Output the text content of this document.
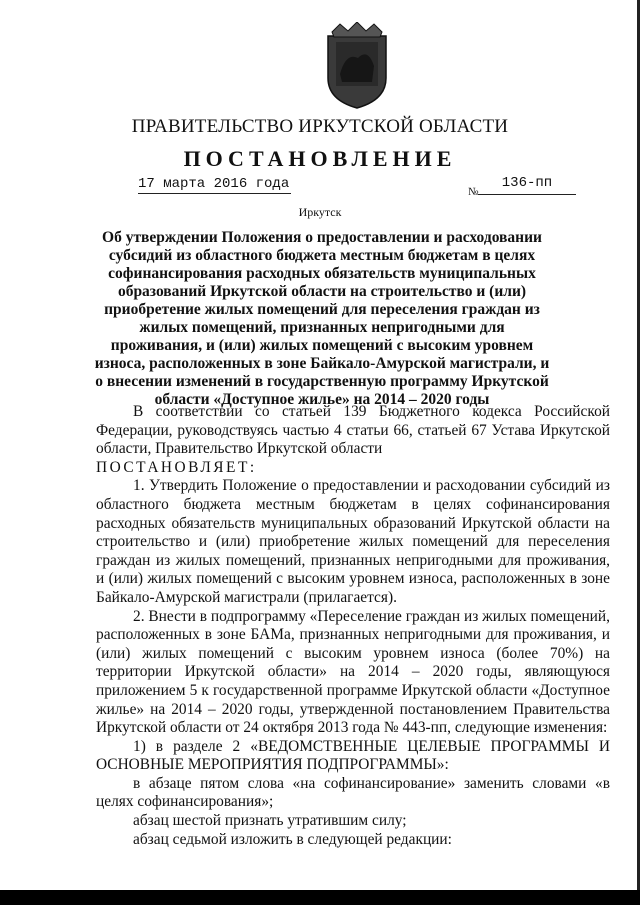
ПРАВИТЕЛЬСТВО ИРКУТСКОЙ ОБЛАСТИ
ПОСТАНОВЛЕНИЕ
17 марта 2016 года	№
136-пп
Иркутск
Об утверждении Положения о предоставлении и расходовании субсидий из областного бюджета местным бюджетам в целях софинансирования расходных обязательств муниципальных образований Иркутской области на строительство и (или) приобретение жилых помещений для переселения граждан из жилых помещений, признанных непригодными для проживания, и (или) жилых помещений с высоким уровнем износа, расположенных в зоне Байкало-Амурской магистрали, и о внесении изменений в государственную программу Иркутской области «Доступное жилье» на 2014 – 2020 годы

В соответствии со статьей 139 Бюджетного кодекса Российской Федерации, руководствуясь частью 4 статьи 66, статьей 67 Устава Иркутской области, Правительство Иркутской области

ПОСТАНОВЛЯЕТ:

1. Утвердить Положение о предоставлении и расходовании субсидий из областного бюджета местным бюджетам в целях софинансирования расходных обязательств муниципальных образований Иркутской области на строительство и (или) приобретение жилых помещений для переселения граждан из жилых помещений, признанных непригодными для проживания, и (или) жилых помещений с высоким уровнем износа, расположенных в зоне Байкало-Амурской магистрали (прилагается).

2. Внести в подпрограмму «Переселение граждан из жилых помещений, расположенных в зоне БАМа, признанных непригодными для проживания, и (или) жилых помещений с высоким уровнем износа (более 70%) на территории Иркутской области» на 2014 – 2020 годы, являющуюся приложением 5 к государственной программе Иркутской области «Доступное жилье» на 2014 – 2020 годы, утвержденной постановлением Правительства Иркутской области от 24 октября 2013 года № 443-пп, следующие изменения:

1) в разделе 2 «ВЕДОМСТВЕННЫЕ ЦЕЛЕВЫЕ ПРОГРАММЫ И ОСНОВНЫЕ МЕРОПРИЯТИЯ ПОДПРОГРАММЫ»:

в абзаце пятом слова «на софинансирование» заменить словами «в целях софинансирования»;

абзац шестой признать утратившим силу;

абзац седьмой изложить в следующей редакции:
